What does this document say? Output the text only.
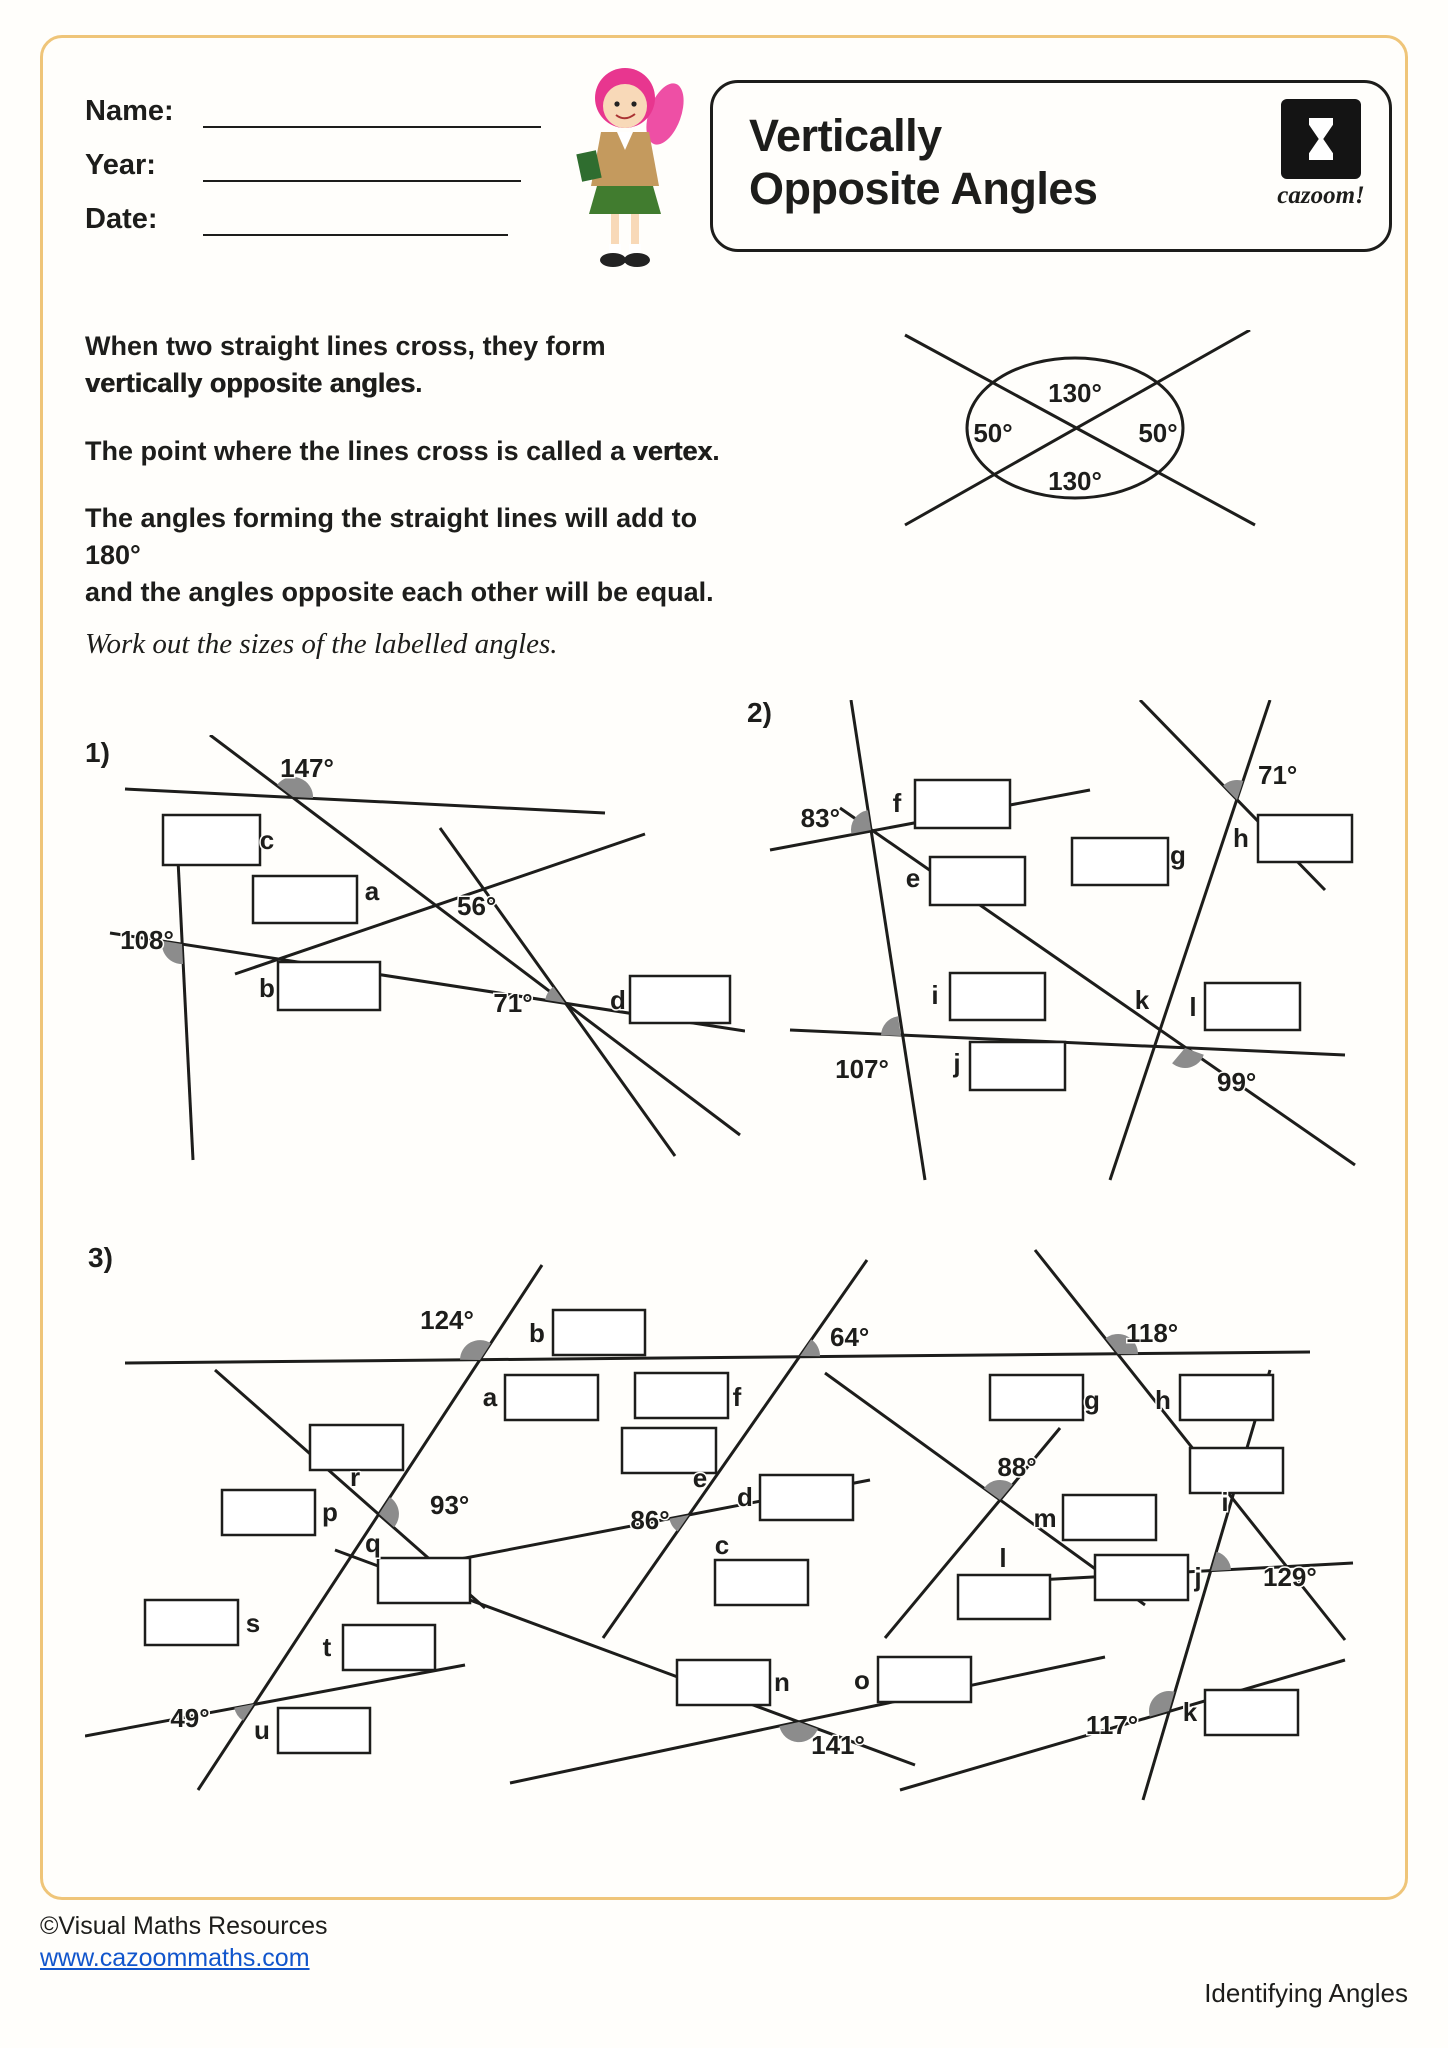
Name:
Year:
Date:
Vertically
Opposite Angles	cazoom!

When two straight lines cross, they form
vertically opposite angles.

The point where the lines cross is called a vertex.

The angles forming the straight lines will add to 180°
and the angles opposite each other will be equal.

130°
50°	50°
130°
Work out the sizes of the labelled angles.
1)
2)
3)
147°
c
a	56°
108°
b	71°	d
83° f
e
71°
h
g
i
j
107°
k l
99°
124° b
a	f
64°	118°
g h
r	e
p	93°
q
86°
d
c
88°
m
i
l
j 129°
s
t
n o
49° u	141°
117° k
©Visual Maths Resources
www.cazoommaths.com
Identifying Angles
